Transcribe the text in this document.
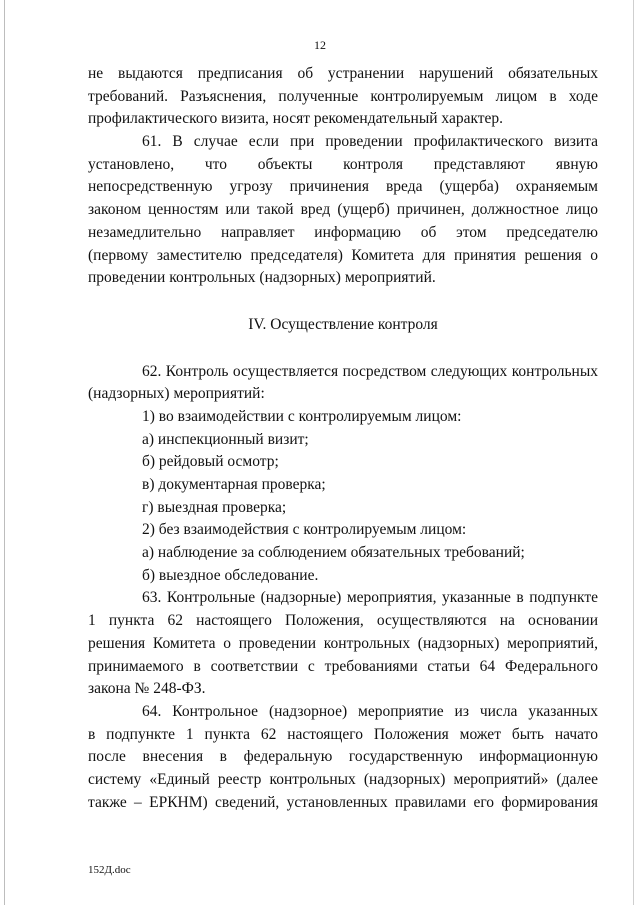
12
не выдаются предписания об устранении нарушений обязательных
требований. Разъяснения, полученные контролируемым лицом в ходе
профилактического визита, носят рекомендательный характер.
61. В случае если при проведении профилактического визита
установлено, что объекты контроля представляют явную
непосредственную угрозу причинения вреда (ущерба) охраняемым
законом ценностям или такой вред (ущерб) причинен, должностное лицо
незамедлительно направляет информацию об этом председателю
(первому заместителю председателя) Комитета для принятия решения о
проведении контрольных (надзорных) мероприятий.
IV. Осуществление контроля
62. Контроль осуществляется посредством следующих контрольных
(надзорных) мероприятий:
1) во взаимодействии с контролируемым лицом:
а) инспекционный визит;
б) рейдовый осмотр;
в) документарная проверка;
г) выездная проверка;
2) без взаимодействия с контролируемым лицом:
а) наблюдение за соблюдением обязательных требований;
б) выездное обследование.
63. Контрольные (надзорные) мероприятия, указанные в подпункте
1 пункта 62 настоящего Положения, осуществляются на основании
решения Комитета о проведении контрольных (надзорных) мероприятий,
принимаемого в соответствии с требованиями статьи 64 Федерального
закона № 248-ФЗ.
64. Контрольное (надзорное) мероприятие из числа указанных
в подпункте 1 пункта 62 настоящего Положения может быть начато
после внесения в федеральную государственную информационную
систему «Единый реестр контрольных (надзорных) мероприятий» (далее
также – ЕРКНМ) сведений, установленных правилами его формирования
152Д.doc
